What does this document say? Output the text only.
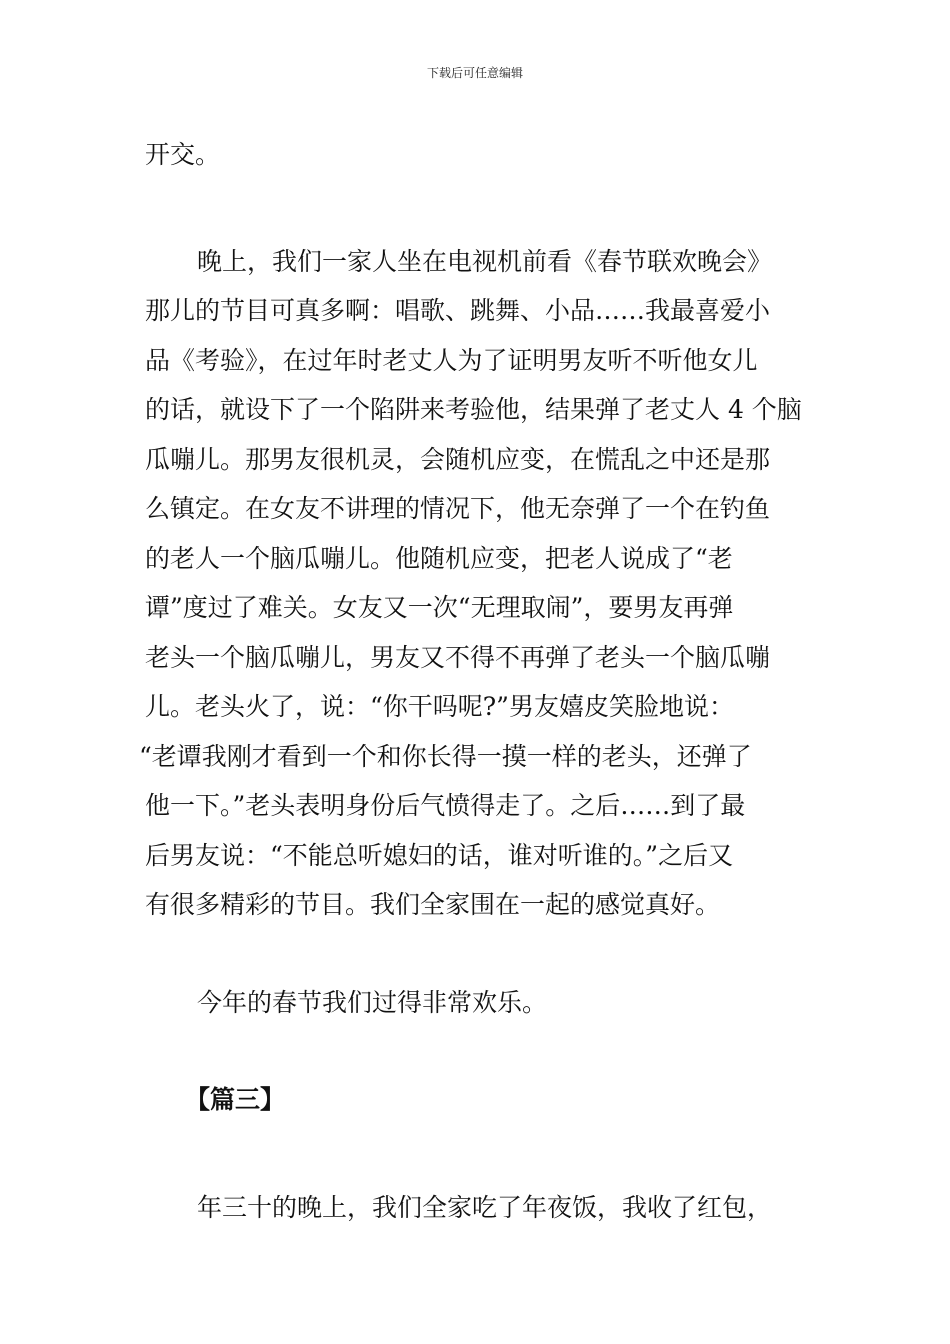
下载后可任意编辑
开交。
晚上，我们一家人坐在电视机前看《春节联欢晚会》
那儿的节目可真多啊：唱歌、跳舞、小品……我最喜爱小
品《考验》，在过年时老丈人为了证明男友听不听他女儿
的话，就设下了一个陷阱来考验他，结果弹了老丈人 4 个脑
瓜嘣儿。那男友很机灵，会随机应变，在慌乱之中还是那
么镇定。在女友不讲理的情况下，他无奈弹了一个在钓鱼
的老人一个脑瓜嘣儿。他随机应变，把老人说成了“老
谭”度过了难关。女友又一次“无理取闹”，要男友再弹
老头一个脑瓜嘣儿，男友又不得不再弹了老头一个脑瓜嘣
儿。老头火了，说：“你干吗呢?”男友嬉皮笑脸地说：
“老谭我刚才看到一个和你长得一摸一样的老头，还弹了
他一下。”老头表明身份后气愤得走了。之后……到了最
后男友说：“不能总听媳妇的话，谁对听谁的。”之后又
有很多精彩的节目。我们全家围在一起的感觉真好。
今年的春节我们过得非常欢乐。
【篇三】
年三十的晚上，我们全家吃了年夜饭，我收了红包，
